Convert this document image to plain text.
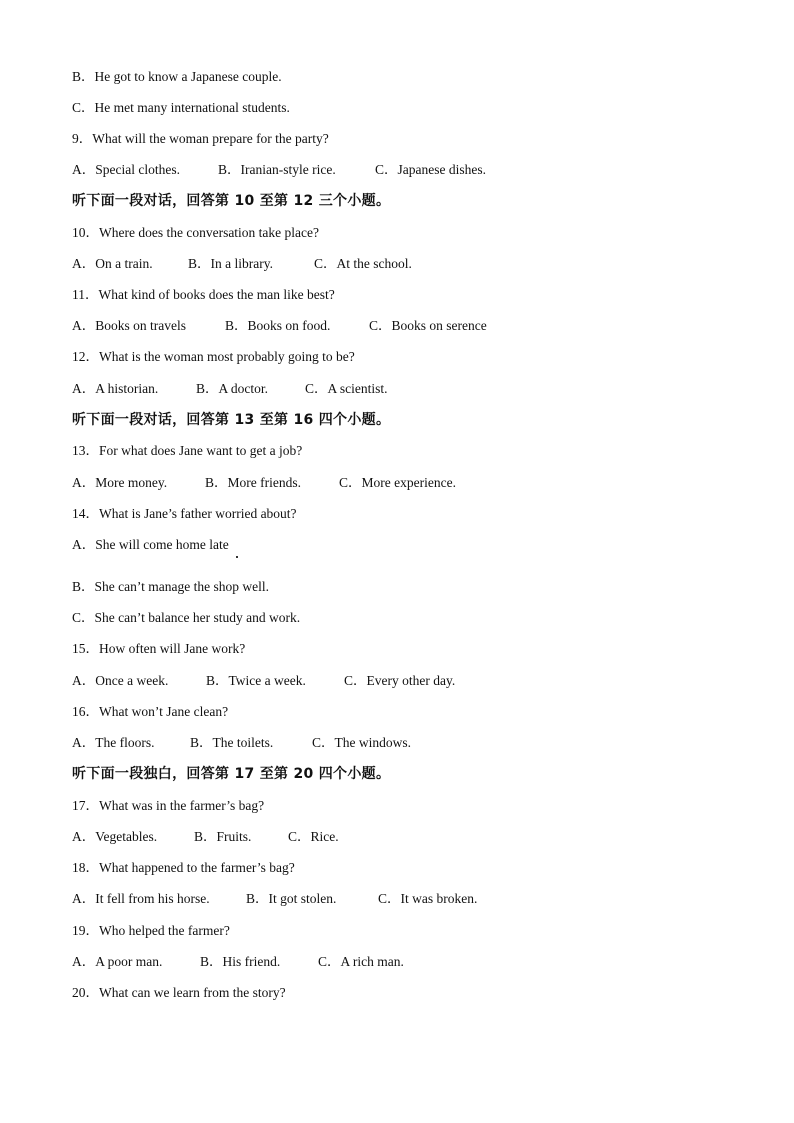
B．He got to know a Japanese couple.
C．He met many international students.
9．What will the woman prepare for the party?
A．Special clothes.	B．Iranian-style rice.	C．Japanese dishes.
听下面一段对话，回答第 10 至第 12 三个小题。
10．Where does the conversation take place?
A．On a train.	B．In a library.	C．At the school.
11．What kind of books does the man like best?
A．Books on travels	B．Books on food.	C．Books on serence
12．What is the woman most probably going to be?
A．A historian.	B．A doctor.	C．A scientist.
听下面一段对话，回答第 13 至第 16 四个小题。
13．For what does Jane want to get a job?
A．More money.	B．More friends.	C．More experience.
14．What is Jane’s father worried about?
A．She will come home late
B．She can’t manage the shop well.
C．She can’t balance her study and work.
15．How often will Jane work?
A．Once a week.	B．Twice a week.	C．Every other day.
16．What won’t Jane clean?
A．The floors.	B．The toilets.	C．The windows.
听下面一段独白，回答第 17 至第 20 四个小题。
17．What was in the farmer’s bag?
A．Vegetables.	B．Fruits.	C．Rice.
18．What happened to the farmer’s bag?
A．It fell from his horse.	B．It got stolen.	C．It was broken.
19．Who helped the farmer?
A．A poor man.	B．His friend.	C．A rich man.
20．What can we learn from the story?
